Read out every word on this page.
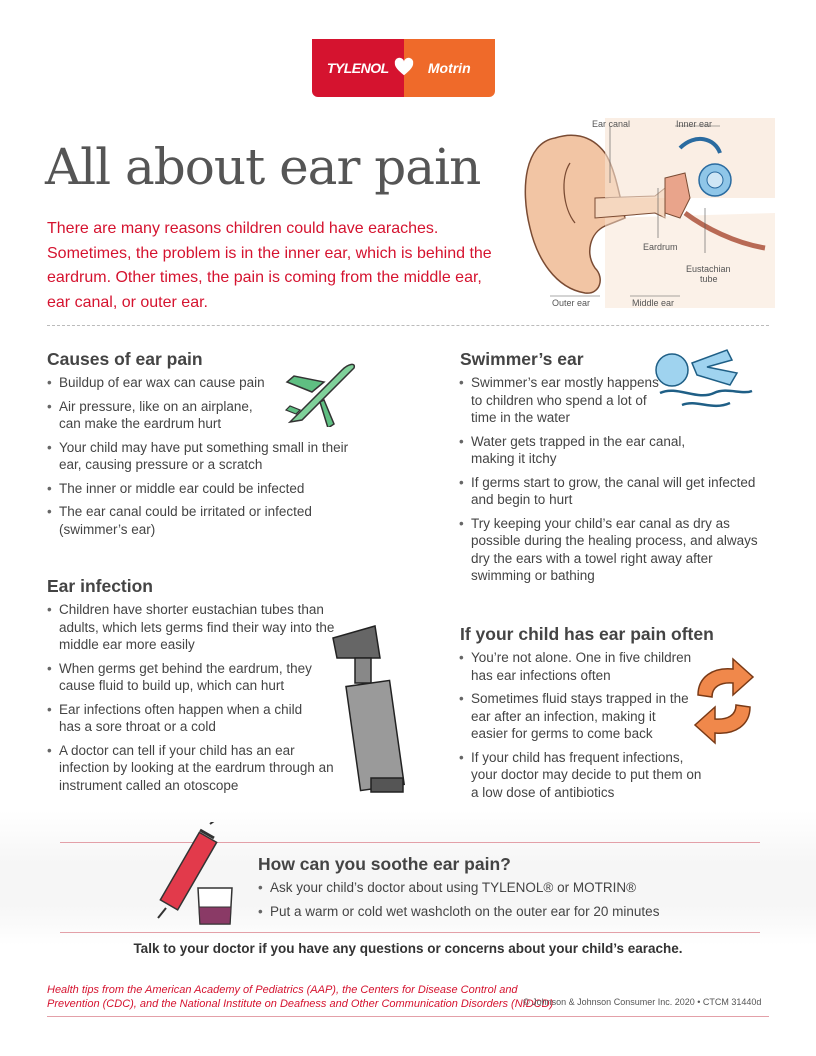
TYLENOL	Motrin
All about ear pain

There are many reasons children could have earaches. Sometimes, the problem is in the inner ear, which is behind the eardrum. Other times, the pain is coming from the middle ear, ear canal, or outer ear.

Ear canal	Inner ear
Eardrum
Eustachian
tube
Outer ear	Middle ear
Causes of ear pain
• Buildup of ear wax can cause pain
• Air pressure, like on an airplane, can make the eardrum hurt
• Your child may have put something small in their ear, causing pressure or a scratch
• The inner or middle ear could be infected
• The ear canal could be irritated or infected (swimmer’s ear)
Ear infection
• Children have shorter eustachian tubes than adults, which lets germs find their way into the middle ear more easily
• When germs get behind the eardrum, they cause fluid to build up, which can hurt
• Ear infections often happen when a child has a sore throat or a cold
• A doctor can tell if your child has an ear infection by looking at the eardrum through an instrument called an otoscope
Swimmer’s ear
• Swimmer’s ear mostly happens to children who spend a lot of time in the water
• Water gets trapped in the ear canal, making it itchy
• If germs start to grow, the canal will get infected and begin to hurt
• Try keeping your child’s ear canal as dry as possible during the healing process, and always dry the ears with a towel right away after swimming or bathing
If your child has ear pain often
• You’re not alone. One in five children has ear infections often
• Sometimes fluid stays trapped in the ear after an infection, making it easier for germs to come back
• If your child has frequent infections, your doctor may decide to put them on a low dose of antibiotics
How can you soothe ear pain?
• Ask your child’s doctor about using TYLENOL® or MOTRIN®
• Put a warm or cold wet washcloth on the outer ear for 20 minutes
Talk to your doctor if you have any questions or concerns about your child’s earache.
Health tips from the American Academy of Pediatrics (AAP), the Centers for Disease Control and Prevention (CDC), and the National Institute on Deafness and Other Communication Disorders (NIDCD)
© Johnson & Johnson Consumer Inc. 2020 • CTCM 31440d
